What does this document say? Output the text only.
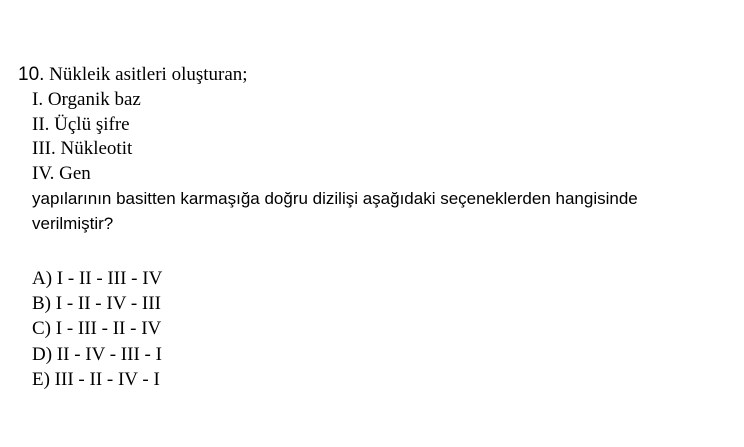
10. Nükleik asitleri oluşturan;
I. Organik baz
II. Üçlü şifre
III. Nükleotit
IV. Gen
yapılarının basitten karmaşığa doğru dizilişi aşağıdaki seçeneklerden hangisinde
verilmiştir?
A) I - II - III - IV
B) I - II - IV - III
C) I - III - II - IV
D) II - IV - III - I
E) III - II - IV - I
